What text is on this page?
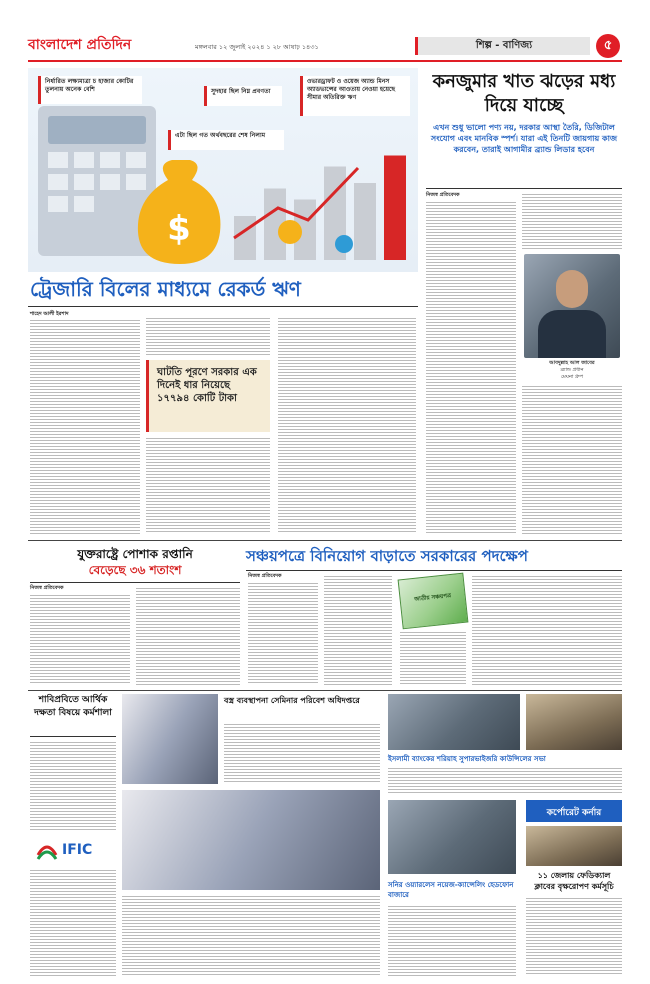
বাংলাদেশ প্রতিদিন	মঙ্গলবার ১২ জুলাই ২০২৪ ১ ২৮ আষাঢ় ১৪৩১	শিল্প - বাণিজ্য	৫
$
নির্ধারিত লক্ষ্যমাত্রা চ হাজার কোটির তুলনায় অনেক বেশি	সুদহার ছিল নিম্ন প্রবণতা
ওভারড্রাফট ও ওয়েজ অ্যান্ড মিনস অ্যাডভান্সের আওতায় নেওয়া হয়েছে সীমার অতিরিক্ত ঋণ
এটা ছিল গত অর্থবছরের শেষ নিলাম
ট্রেজারি বিলের মাধ্যমে রেকর্ড ঋণ
শাহেদ আলী ইরশাদ
ঘাটতি পূরণে সরকার এক দিনেই ধার নিয়েছে ১৭৭৯৪ কোটি টাকা
কনজুমার খাত ঝড়ের মধ্য দিয়ে যাচ্ছে
এখন শুধু ভালো পণ্য নয়, দরকার আস্থা তৈরি, ডিজিটাল সংযোগ এবং মানবিক স্পর্শ। যারা এই তিনটি জায়গায় কাজ করবেন, তারাই আগামীর ব্র্যান্ড লিডার হবেন
নিজস্ব প্রতিবেদক
আবদুল্লাহ আল জাবের
ব্র্যান্ড প্রধান
মেঘনা গ্রুপ
যুক্তরাষ্ট্রে পোশাক রপ্তানি
বেড়েছে ৩৬ শতাংশ
নিজস্ব প্রতিবেদক
সঞ্চয়পত্রে বিনিয়োগ বাড়াতে সরকারের পদক্ষেপ
নিজস্ব প্রতিবেদক
জাতীয় সঞ্চয়পত্র
শাবিপ্রবিতে আর্থিক দক্ষতা বিষয়ে কর্মশালা
IFIC
বস্ত্র ব্যবস্থাপনা সেমিনার পরিবেশ অধিদপ্তরে
ইসলামী ব্যাংকের শরিয়াহ সুপারভাইজরি কাউন্সিলের সভা
সনির ওয়্যারলেস নয়েজ-ক্যান্সেলিং হেডফোন বাজারে
কর্পোরেট কর্নার
১১ জেলায় ফেডিক্যাল ক্লাবের বৃক্ষরোপণ কর্মসূচি
